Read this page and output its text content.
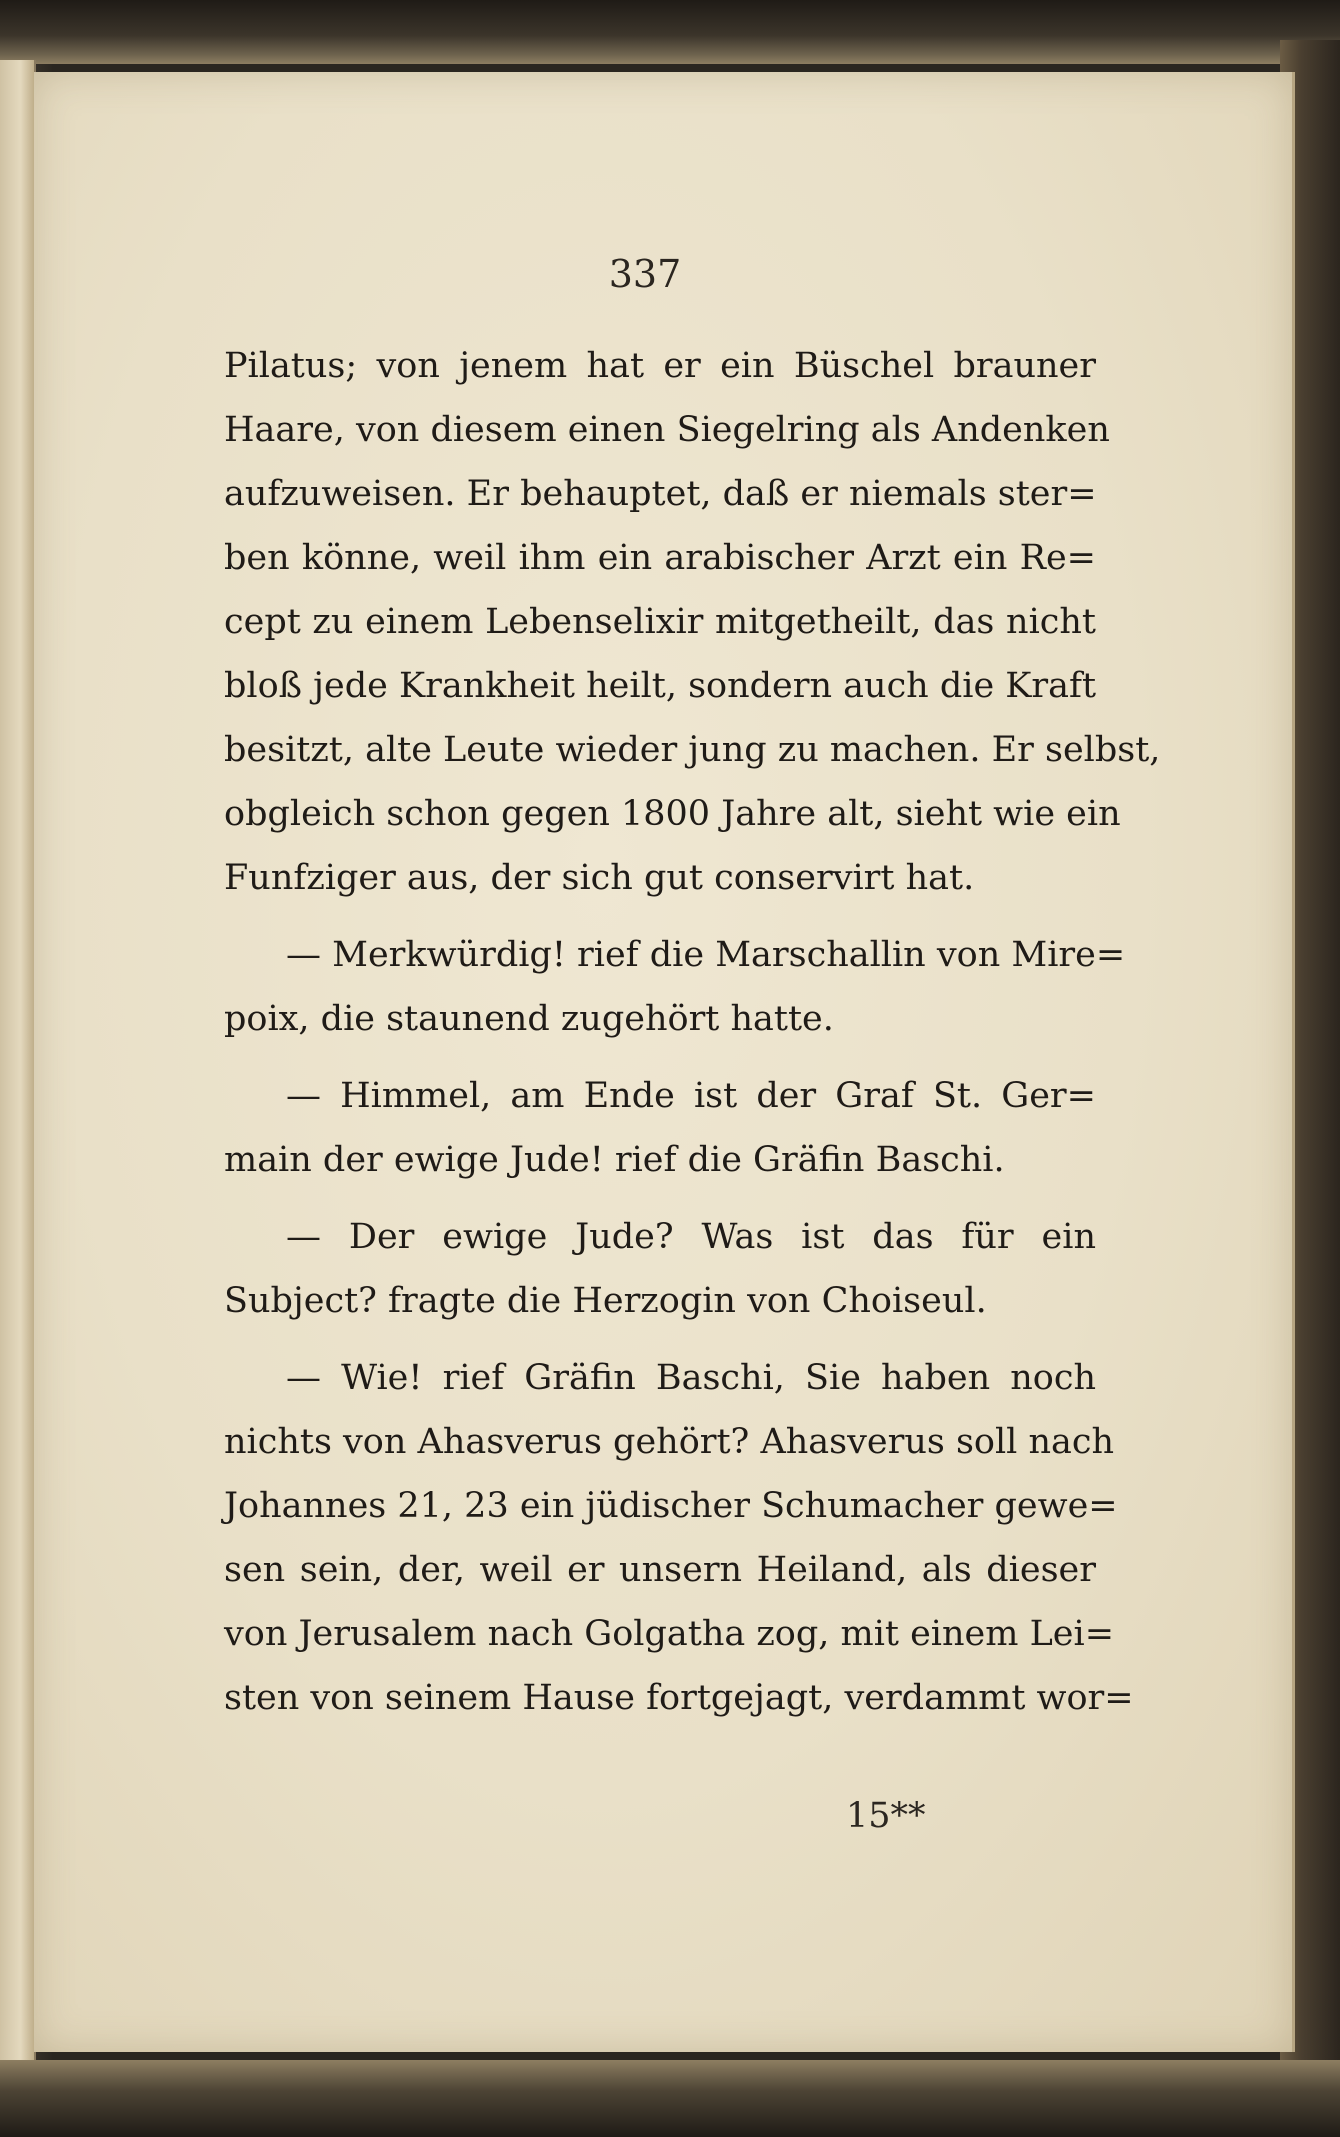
337
Pilatus; von jenem hat er ein Büschel brauner
Haare, von diesem einen Siegelring als Andenken
aufzuweisen. Er behauptet, daß er niemals ster=
ben könne, weil ihm ein arabischer Arzt ein Re=
cept zu einem Lebenselixir mitgetheilt, das nicht
bloß jede Krankheit heilt, sondern auch die Kraft
besitzt, alte Leute wieder jung zu machen. Er selbst,
obgleich schon gegen 1800 Jahre alt, sieht wie ein
Funfziger aus, der sich gut conservirt hat.
— Merkwürdig! rief die Marschallin von Mire=
poix, die staunend zugehört hatte.
— Himmel, am Ende ist der Graf St. Ger=
main der ewige Jude! rief die Gräfin Baschi.
— Der ewige Jude? Was ist das für ein
Subject? fragte die Herzogin von Choiseul.
— Wie! rief Gräfin Baschi, Sie haben noch
nichts von Ahasverus gehört? Ahasverus soll nach
Johannes 21, 23 ein jüdischer Schumacher gewe=
sen sein, der, weil er unsern Heiland, als dieser
von Jerusalem nach Golgatha zog, mit einem Lei=
sten von seinem Hause fortgejagt, verdammt wor=
15**
